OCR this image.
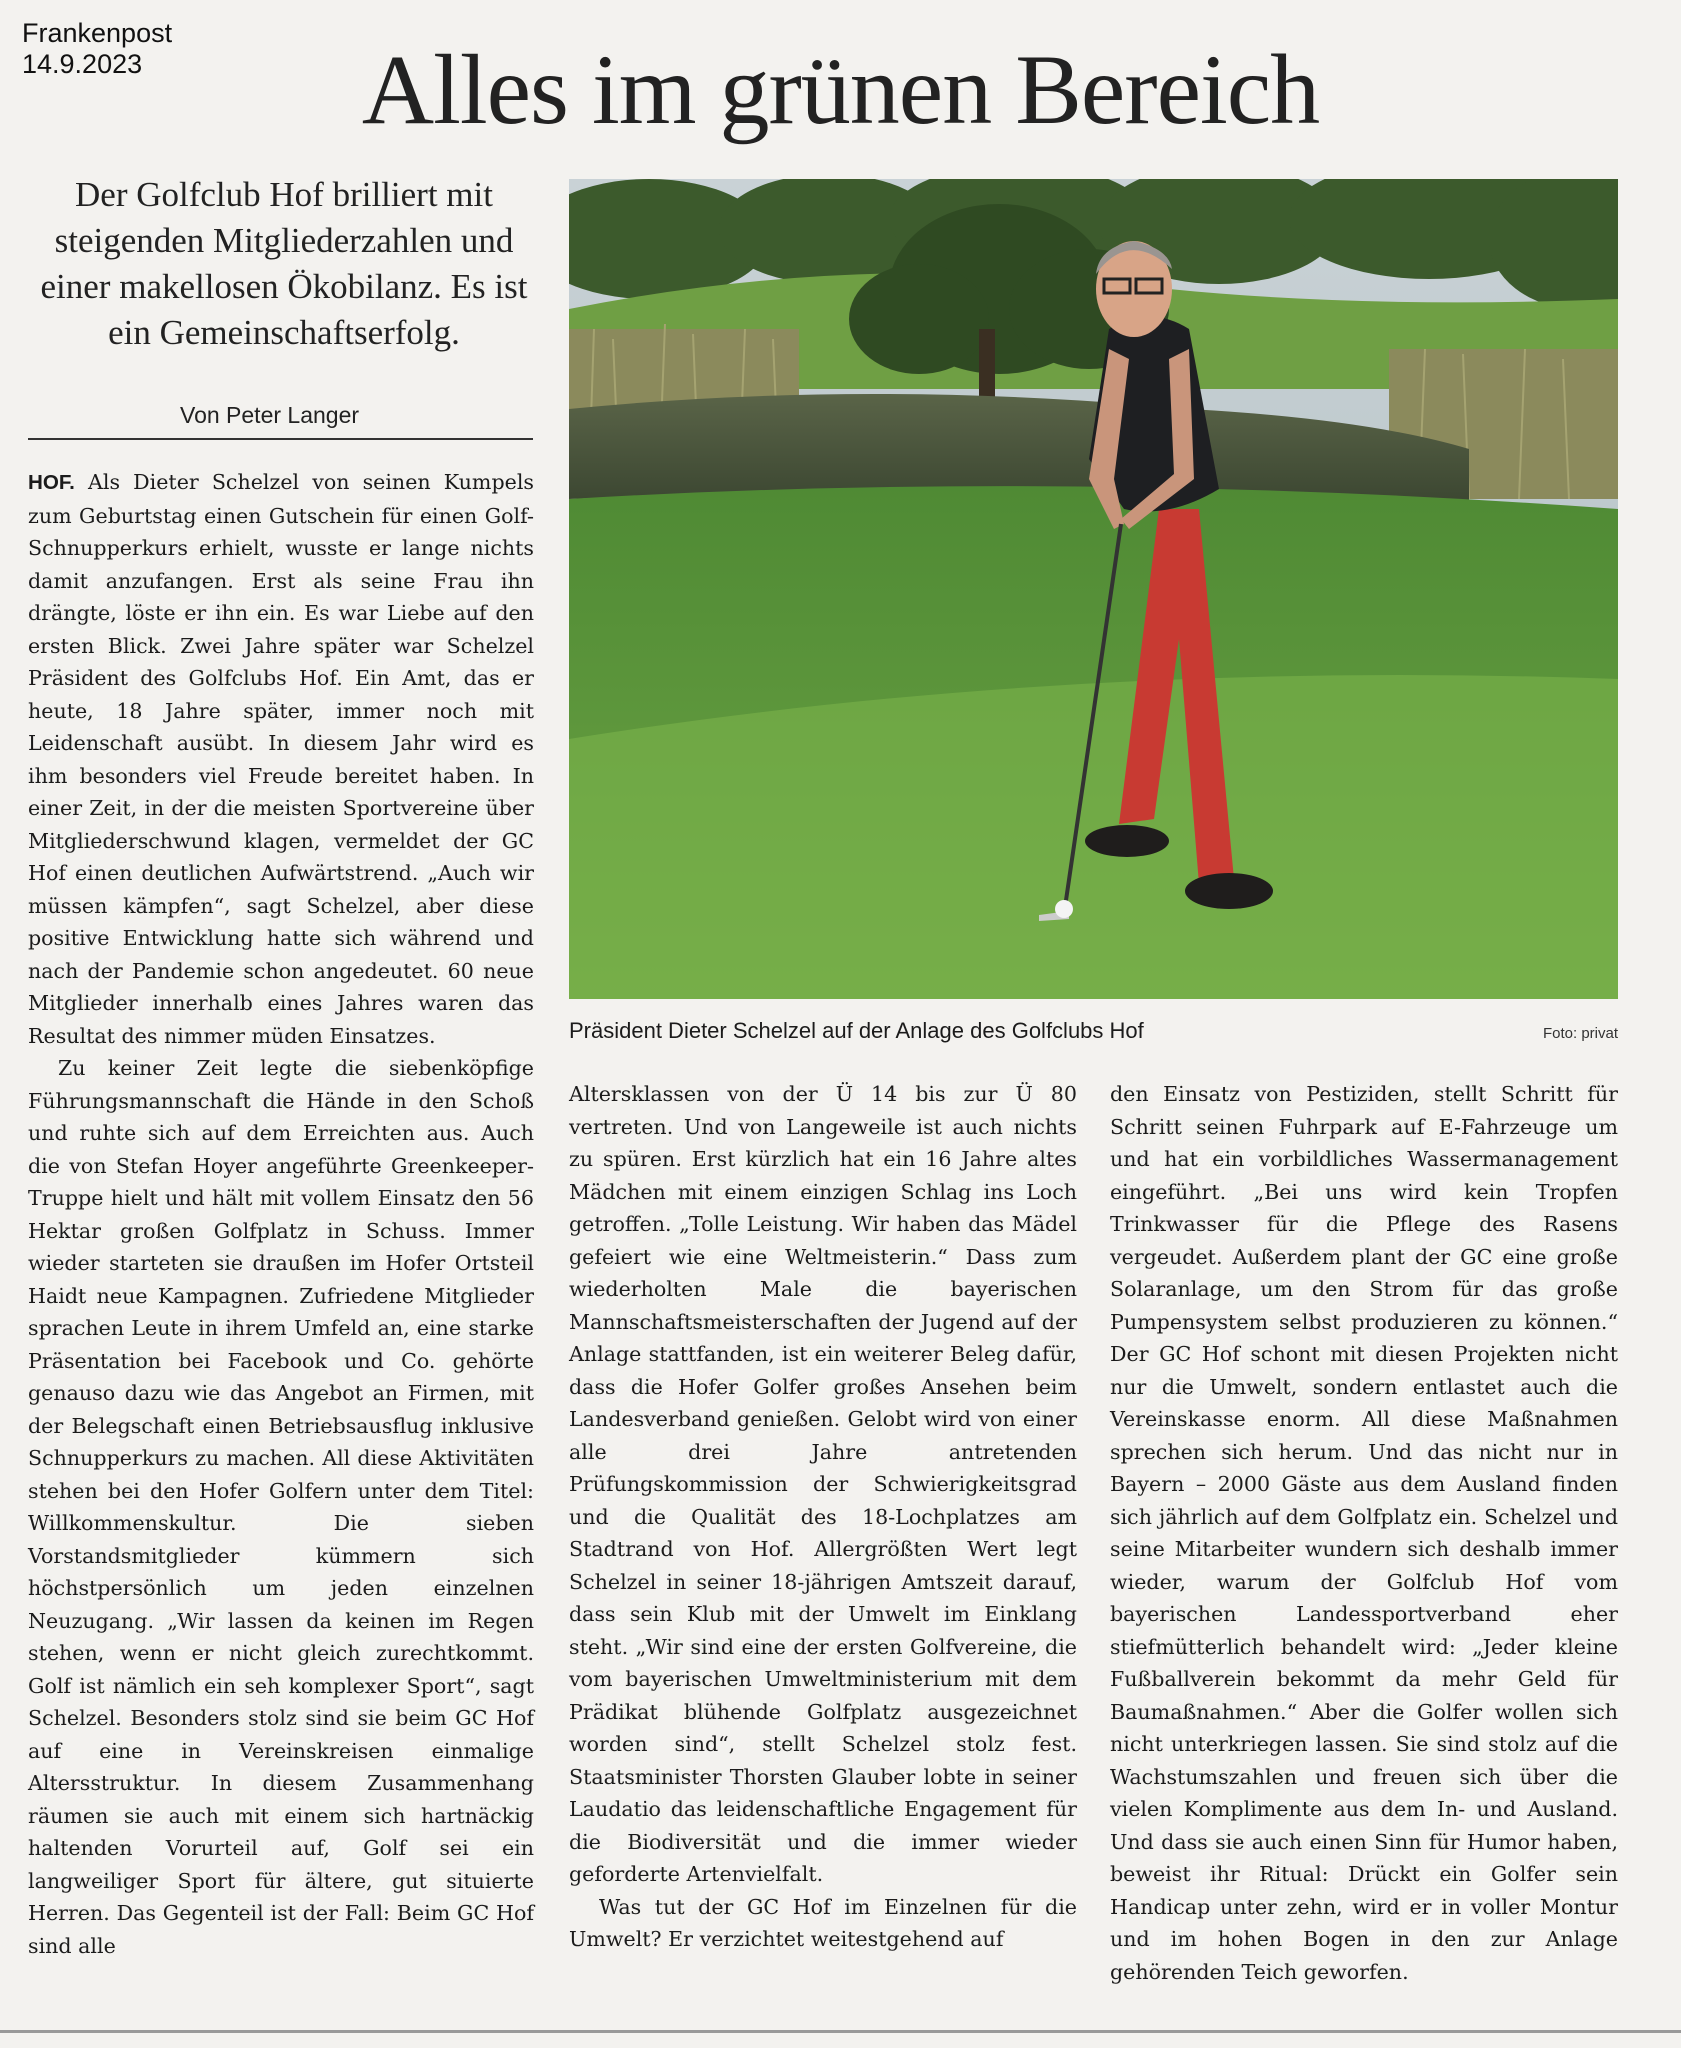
Frankenpost
14.9.2023	Alles im grünen Bereich
Der Golfclub Hof brilliert mit steigenden Mitgliederzahlen und einer makellosen Ökobilanz. Es ist ein Gemeinschaftserfolg.
Von Peter Langer

HOF. Als Dieter Schelzel von seinen Kumpels zum Geburtstag einen Gutschein für einen Golf- Schnupperkurs erhielt, wusste er lange nichts damit anzufangen. Erst als seine Frau ihn drängte, löste er ihn ein. Es war Liebe auf den ersten Blick. Zwei Jahre später war Schelzel Präsident des Golfclubs Hof. Ein Amt, das er heute, 18 Jahre später, immer noch mit Leidenschaft ausübt. In diesem Jahr wird es ihm besonders viel Freude bereitet haben. In einer Zeit, in der die meisten Sportvereine über Mitgliederschwund klagen, vermeldet der GC Hof einen deutlichen Aufwärtstrend. „Auch wir müssen kämpfen“, sagt Schelzel, aber diese positive Entwicklung hatte sich während und nach der Pandemie schon angedeutet. 60 neue Mitglieder innerhalb eines Jahres waren das Resultat des nimmer müden Einsatzes.

Zu keiner Zeit legte die siebenköpfige Führungsmannschaft die Hände in den Schoß und ruhte sich auf dem Erreichten aus. Auch die von Stefan Hoyer angeführte Greenkeeper-Truppe hielt und hält mit vollem Einsatz den 56 Hektar großen Golfplatz in Schuss. Immer wieder starteten sie draußen im Hofer Ortsteil Haidt neue Kampagnen. Zufriedene Mitglieder sprachen Leute in ihrem Umfeld an, eine starke Präsentation bei Facebook und Co. gehörte genauso dazu wie das Angebot an Firmen, mit der Belegschaft einen Betriebsausflug inklusive Schnupperkurs zu machen. All diese Aktivitäten stehen bei den Hofer Golfern unter dem Titel: Willkommenskultur. Die sieben Vorstandsmitglieder kümmern sich höchstpersönlich um jeden einzelnen Neuzugang. „Wir lassen da keinen im Regen stehen, wenn er nicht gleich zurechtkommt. Golf ist nämlich ein seh komplexer Sport“, sagt Schelzel. Besonders stolz sind sie beim GC Hof auf eine in Vereinskreisen einmalige Altersstruktur. In diesem Zusammenhang räumen sie auch mit einem sich hartnäckig haltenden Vorurteil auf, Golf sei ein langweiliger Sport für ältere, gut situierte Herren. Das Gegenteil ist der Fall: Beim GC Hof sind alle

Präsident Dieter Schelzel auf der Anlage des Golfclubs Hof	Foto: privat

Altersklassen von der Ü 14 bis zur Ü 80 vertreten. Und von Langeweile ist auch nichts zu spüren. Erst kürzlich hat ein 16 Jahre altes Mädchen mit einem einzigen Schlag ins Loch getroffen. „Tolle Leistung. Wir haben das Mädel gefeiert wie eine Weltmeisterin.“ Dass zum wiederholten Male die bayerischen Mannschaftsmeisterschaften der Jugend auf der Anlage stattfanden, ist ein weiterer Beleg dafür, dass die Hofer Golfer großes Ansehen beim Landesverband genießen. Gelobt wird von einer alle drei Jahre antretenden Prüfungskommission der Schwierigkeitsgrad und die Qualität des 18-Lochplatzes am Stadtrand von Hof. Allergrößten Wert legt Schelzel in seiner 18-jährigen Amtszeit darauf, dass sein Klub mit der Umwelt im Einklang steht. „Wir sind eine der ersten Golfvereine, die vom bayerischen Umweltministerium mit dem Prädikat blühende Golfplatz ausgezeichnet worden sind“, stellt Schelzel stolz fest. Staatsminister Thorsten Glauber lobte in seiner Laudatio das leidenschaftliche Engagement für die Biodiversität und die immer wieder geforderte Artenvielfalt.

Was tut der GC Hof im Einzelnen für die Umwelt? Er verzichtet weitestgehend auf

den Einsatz von Pestiziden, stellt Schritt für Schritt seinen Fuhrpark auf E-Fahrzeuge um und hat ein vorbildliches Wassermanagement eingeführt. „Bei uns wird kein Tropfen Trinkwasser für die Pflege des Rasens vergeudet. Außerdem plant der GC eine große Solaranlage, um den Strom für das große Pumpensystem selbst produzieren zu können.“ Der GC Hof schont mit diesen Projekten nicht nur die Umwelt, sondern entlastet auch die Vereinskasse enorm. All diese Maßnahmen sprechen sich herum. Und das nicht nur in Bayern – 2000 Gäste aus dem Ausland finden sich jährlich auf dem Golfplatz ein. Schelzel und seine Mitarbeiter wundern sich deshalb immer wieder, warum der Golfclub Hof vom bayerischen Landessportverband eher stiefmütterlich behandelt wird: „Jeder kleine Fußballverein bekommt da mehr Geld für Baumaßnahmen.“ Aber die Golfer wollen sich nicht unterkriegen lassen. Sie sind stolz auf die Wachstumszahlen und freuen sich über die vielen Komplimente aus dem In- und Ausland. Und dass sie auch einen Sinn für Humor haben, beweist ihr Ritual: Drückt ein Golfer sein Handicap unter zehn, wird er in voller Montur und im hohen Bogen in den zur Anlage gehörenden Teich geworfen.
